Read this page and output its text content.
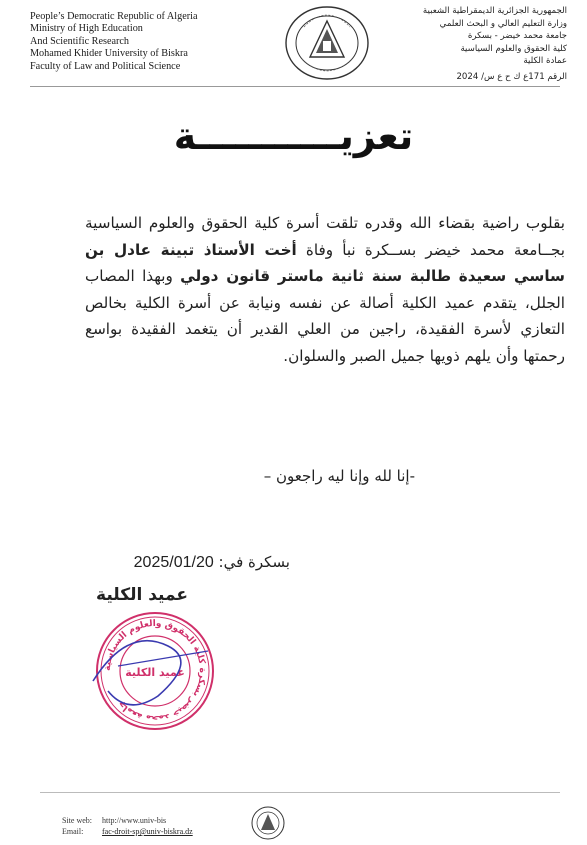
People’s Democratic Republic of Algeria
Ministry of High Education
And Scientific Research
Mohamed Khider University of Biskra
Faculty of Law and Political Science
الجمهورية الجزائرية الديمقراطية الشعبية
وزارة التعليم العالي و البحث العلمي
جامعة محمد خيضر - بسكرة
كلية الحقوق والعلوم السياسية
عمادة الكلية
الرقم 171ع ك ح ع س/ 2024
تعزيـــــــــــة
بقلوب راضية بقضاء الله وقدره تلقت أسرة كلية الحقوق والعلوم السياسية بجــامعة محمد خيضر بســكرة نبأ وفاة أخت الأستاذ تبينة عادل بن ساسي سعيدة طالبة سنة ثانية ماستر قانون دولي وبهذا المصاب الجلل، يتقدم عميد الكلية أصالة عن نفسه ونيابة عن أسرة الكلية بخالص التعازي لأسرة الفقيدة، راجين من العلي القدير أن يتغمد الفقيدة بواسع رحمتها وأن يلهم ذويها جميل الصبر والسلوان.
-إنا لله وإنا ليه راجعون –
بسكرة في: 2025/01/20
عميد الكلية
جامعة محمد خيضر بسكرة كلية الحقوق والعلوم السياسية
عميد الكلية
Site web: http://www.univ-bis
Email: fac-droit-sp@univ-biskra.dz
